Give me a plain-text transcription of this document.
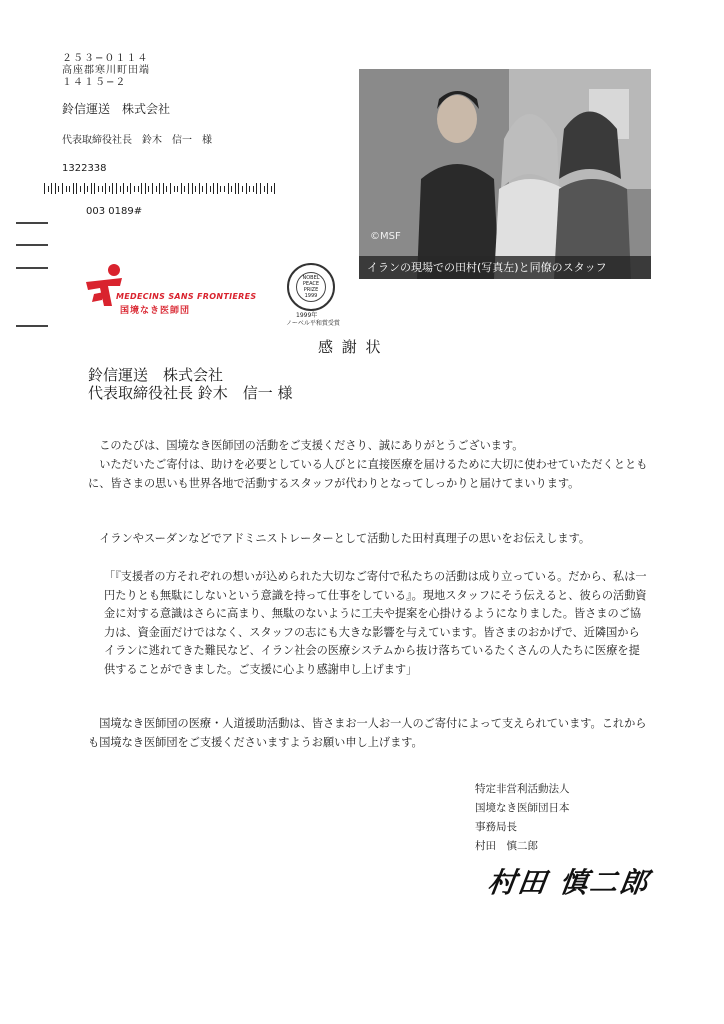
２５３−０１１４
高座郡寒川町田端
１４１５−２
鈴信運送　株式会社
代表取締役社長　鈴木　信一　様
1322338
003 0189#
©MSF
イランの現場での田村(写真左)と同僚のスタッフ
MEDECINS SANS FRONTIERES
国境なき医師団
NOBEL PEACE PRIZE 1999
1999年
ノーベル平和賞受賞
感 謝 状
鈴信運送　株式会社
代表取締役社長 鈴木　信一 様
このたびは、国境なき医師団の活動をご支援くださり、誠にありがとうございます。
いただいたご寄付は、助けを必要としている人びとに直接医療を届けるために大切に使わせていただくとともに、皆さまの思いも世界各地で活動するスタッフが代わりとなってしっかりと届けてまいります。
イランやスーダンなどでアドミニストレーターとして活動した田村真理子の思いをお伝えします。
「『支援者の方それぞれの想いが込められた大切なご寄付で私たちの活動は成り立っている。だから、私は一円たりとも無駄にしないという意識を持って仕事をしている』。現地スタッフにそう伝えると、彼らの活動資金に対する意識はさらに高まり、無駄のないように工夫や提案を心掛けるようになりました。皆さまのご協力は、資金面だけではなく、スタッフの志にも大きな影響を与えています。皆さまのおかげで、近隣国からイランに逃れてきた難民など、イラン社会の医療システムから抜け落ちているたくさんの人たちに医療を提供することができました。ご支援に心より感謝申し上げます」
国境なき医師団の医療・人道援助活動は、皆さまお一人お一人のご寄付によって支えられています。これからも国境なき医師団をご支援くださいますようお願い申し上げます。
特定非営利活動法人
国境なき医師団日本
事務局長
村田　慎二郎
村田 慎二郎
